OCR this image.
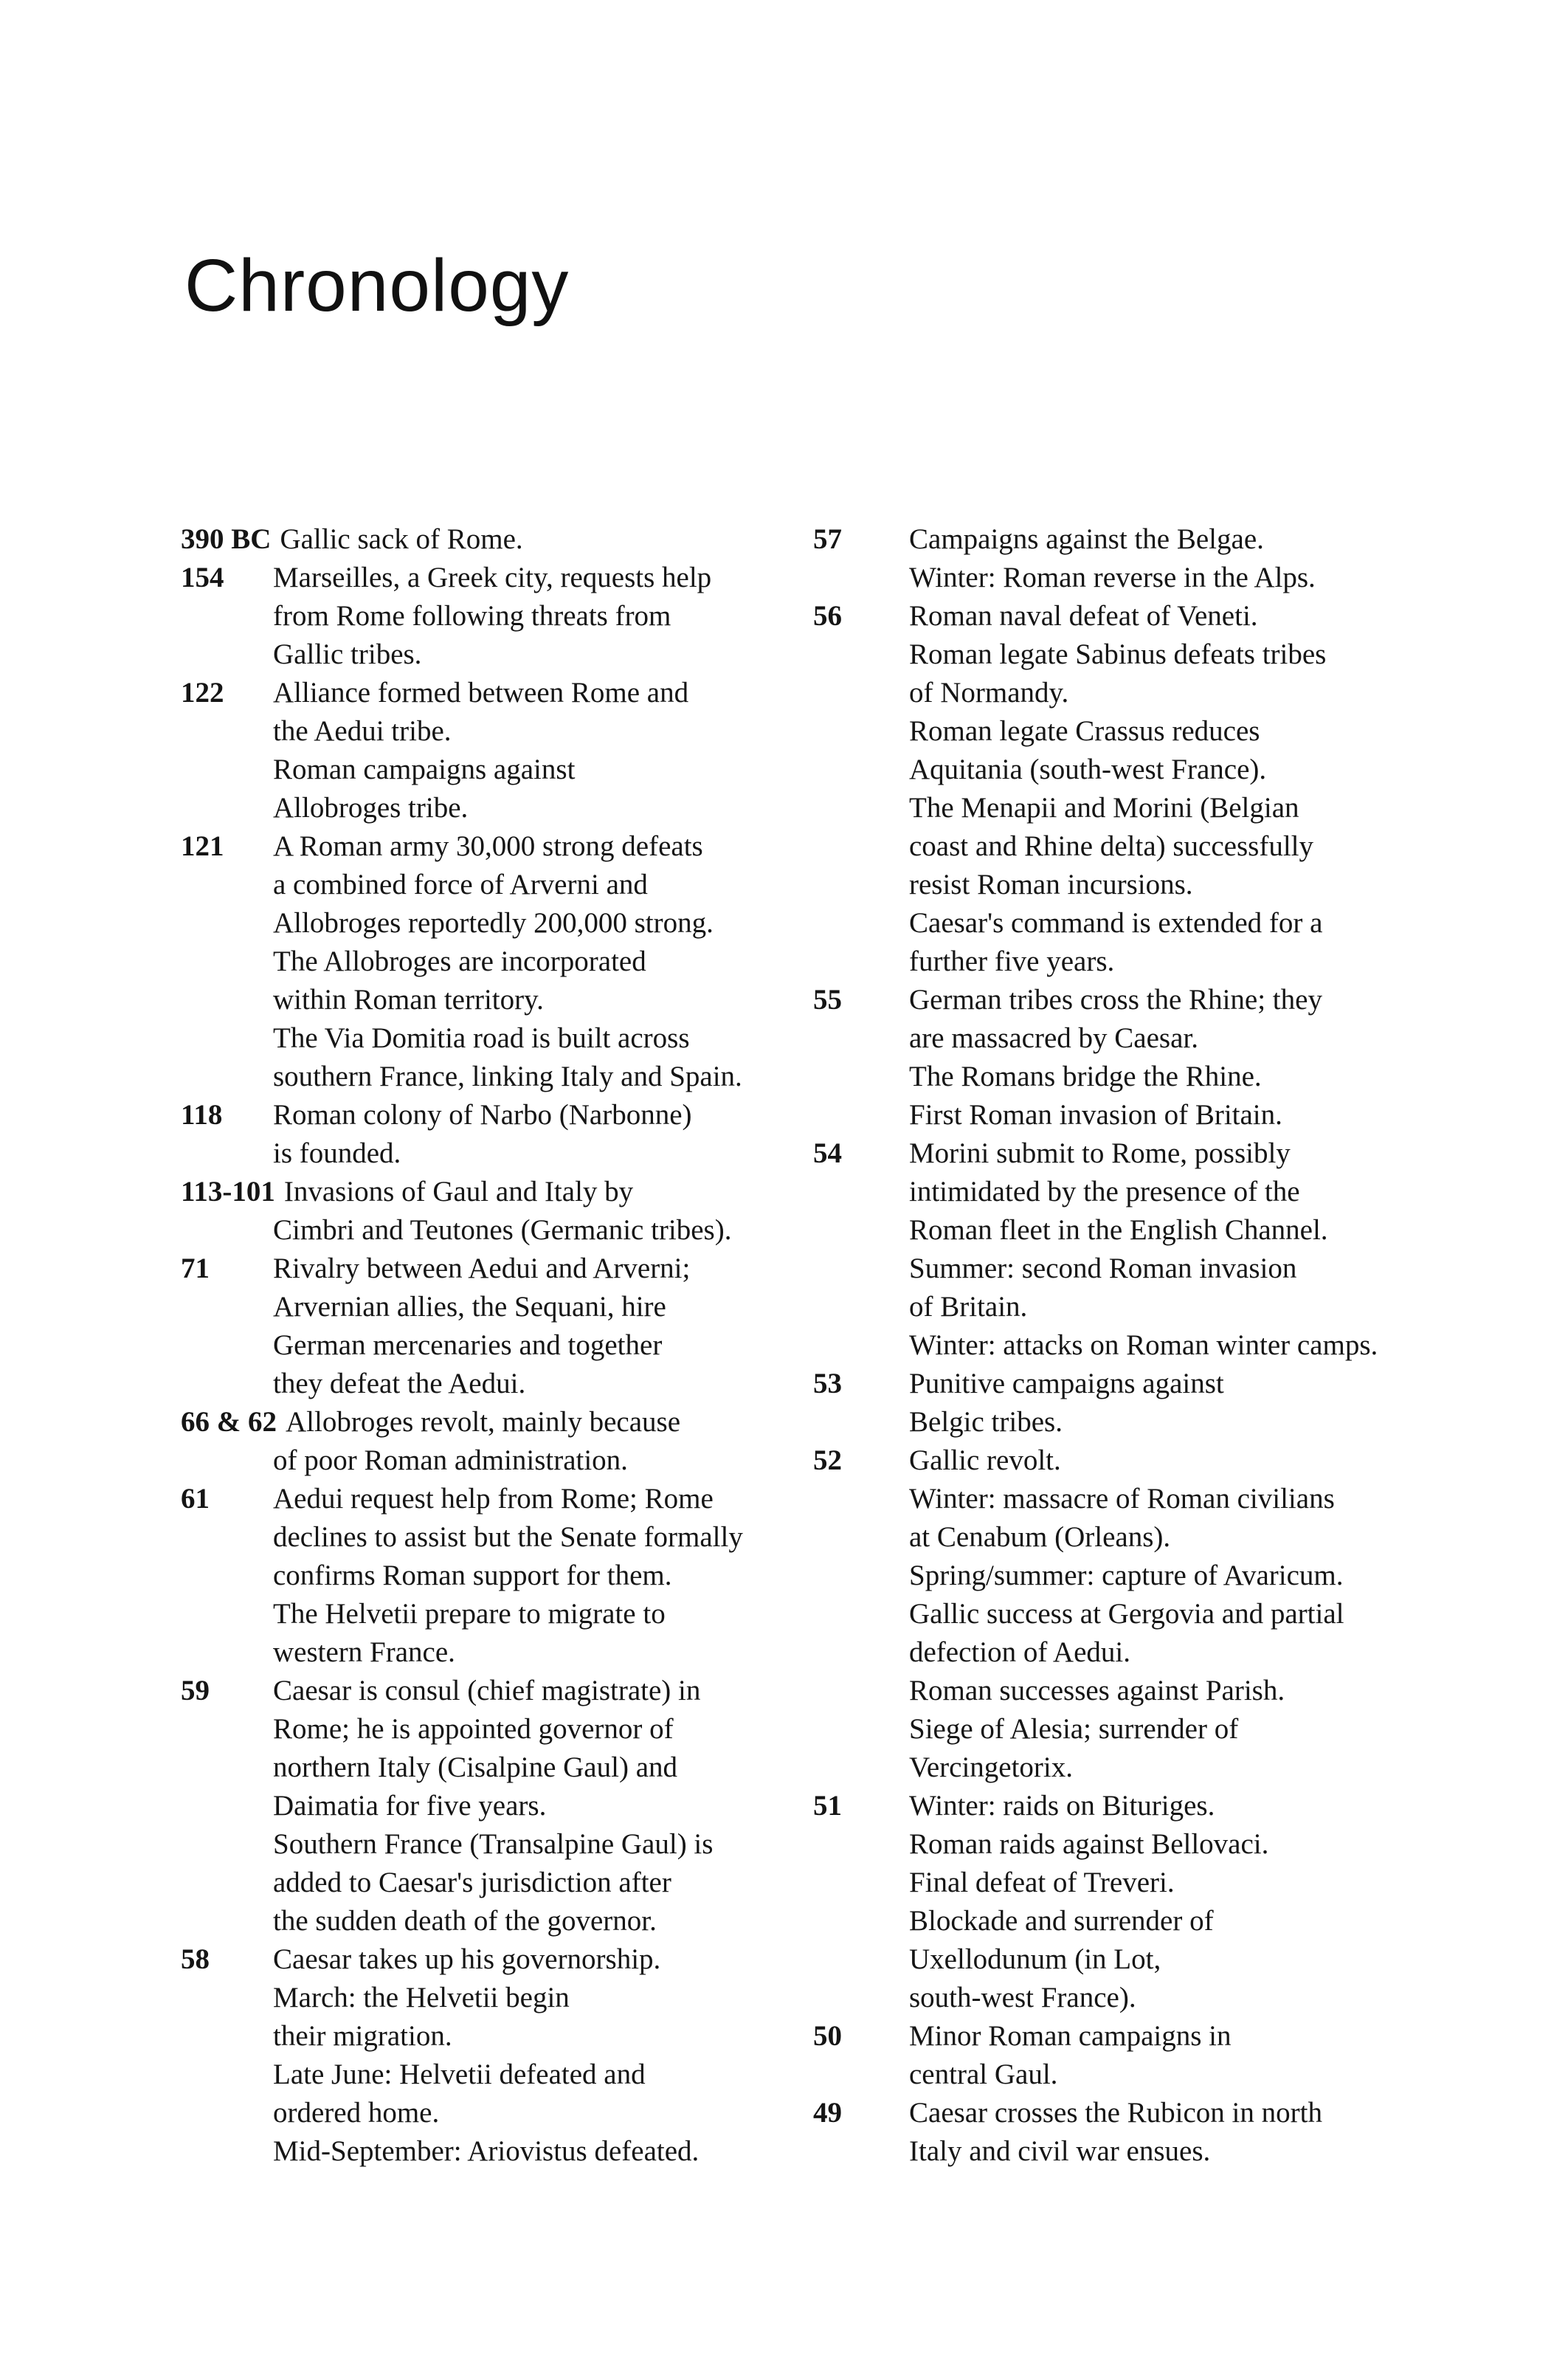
Chronology
390 BC Gallic sack of Rome.
154 Marseilles, a Greek city, requests help
from Rome following threats from
Gallic tribes.
122 Alliance formed between Rome and
the Aedui tribe.
Roman campaigns against
Allobroges tribe.
121 A Roman army 30,000 strong defeats
a combined force of Arverni and
Allobroges reportedly 200,000 strong.
The Allobroges are incorporated
within Roman territory.
The Via Domitia road is built across
southern France, linking Italy and Spain.
118 Roman colony of Narbo (Narbonne)
is founded.
113-101 Invasions of Gaul and Italy by
Cimbri and Teutones (Germanic tribes).
71 Rivalry between Aedui and Arverni;
Arvernian allies, the Sequani, hire
German mercenaries and together
they defeat the Aedui.
66 & 62 Allobroges revolt, mainly because
of poor Roman administration.
61 Aedui request help from Rome; Rome
declines to assist but the Senate formally
confirms Roman support for them.
The Helvetii prepare to migrate to
western France.
59 Caesar is consul (chief magistrate) in
Rome; he is appointed governor of
northern Italy (Cisalpine Gaul) and
Daimatia for five years.
Southern France (Transalpine Gaul) is
added to Caesar's jurisdiction after
the sudden death of the governor.
58 Caesar takes up his governorship.
March: the Helvetii begin
their migration.
Late June: Helvetii defeated and
ordered home.
Mid-September: Ariovistus defeated.
57 Campaigns against the Belgae.
Winter: Roman reverse in the Alps.
56 Roman naval defeat of Veneti.
Roman legate Sabinus defeats tribes
of Normandy.
Roman legate Crassus reduces
Aquitania (south-west France).
The Menapii and Morini (Belgian
coast and Rhine delta) successfully
resist Roman incursions.
Caesar's command is extended for a
further five years.
55 German tribes cross the Rhine; they
are massacred by Caesar.
The Romans bridge the Rhine.
First Roman invasion of Britain.
54 Morini submit to Rome, possibly
intimidated by the presence of the
Roman fleet in the English Channel.
Summer: second Roman invasion
of Britain.
Winter: attacks on Roman winter camps.
53 Punitive campaigns against
Belgic tribes.
52 Gallic revolt.
Winter: massacre of Roman civilians
at Cenabum (Orleans).
Spring/summer: capture of Avaricum.
Gallic success at Gergovia and partial
defection of Aedui.
Roman successes against Parish.
Siege of Alesia; surrender of
Vercingetorix.
51 Winter: raids on Bituriges.
Roman raids against Bellovaci.
Final defeat of Treveri.
Blockade and surrender of
Uxellodunum (in Lot,
south-west France).
50 Minor Roman campaigns in
central Gaul.
49 Caesar crosses the Rubicon in north
Italy and civil war ensues.
